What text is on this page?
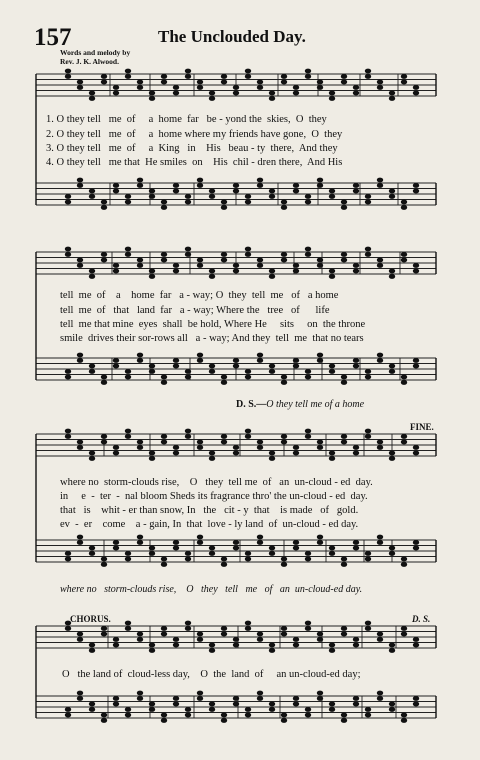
157	The Unclouded Day.
Words and melody by
Rev. J. K. Alwood.
1. O they tell   me  of     a  home  far   be - yond the  skies,  O  they
2. O they tell   me  of     a  home where my friends have gone,  O  they
3. O they tell   me  of     a  King   in    His   beau - ty  there,  And they
4. O they tell   me that  He smiles  on    His  chil - dren there,  And His
tell  me  of    a    home  far   a - way; O  they  tell  me   of   a home
tell  me  of   that   land  far   a - way; Where the   tree   of      life
tell  me that mine  eyes  shall  be hold, Where He     sits     on  the throne
smile  drives their sor-rows all   a - way; And they  tell  me  that no tears
D. S.—O they tell me of a home
FINE.
where no  storm-clouds rise,    O   they  tell me  of   an  un-cloud - ed  day.
in     e  -  ter  -  nal bloom Sheds its fragrance thro' the un-cloud - ed  day.
that   is    whit - er than snow, In   the   cit - y  that    is made   of   gold.
ev  -  er    come    a - gain, In  that  love - ly land  of  un-cloud - ed day.
where no   storm-clouds rise,    O   they   tell   me   of   an  un-cloud-ed day.
CHORUS.	D. S.
O   the land of  cloud-less day,    O  the  land  of     an un-cloud-ed day;
